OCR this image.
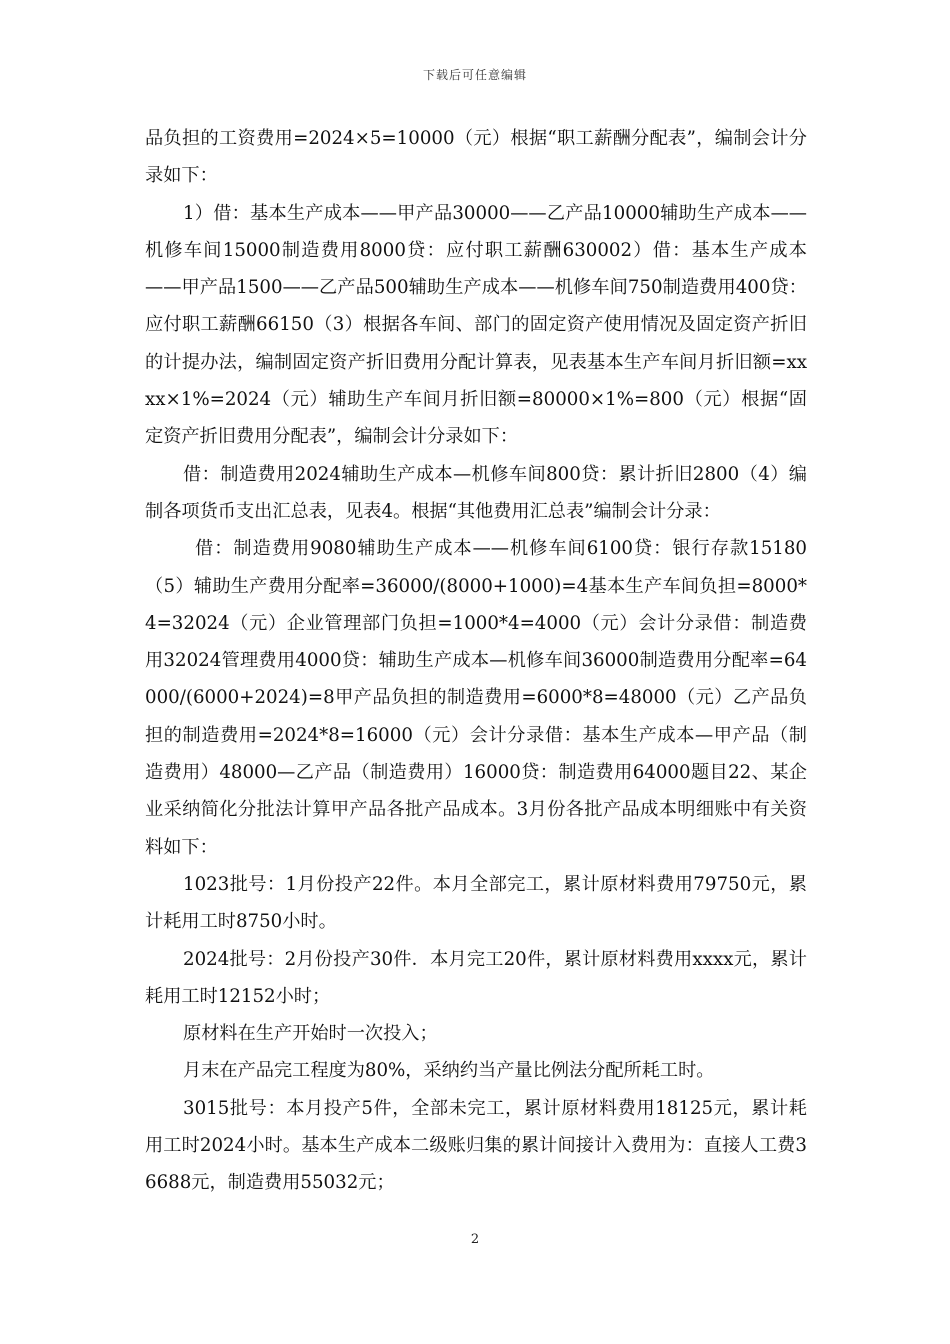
下载后可任意编辑

品负担的工资费用=2024×5=10000（元）根据“职工薪酬分配表”，编制会计分录如下：

1）借：基本生产成本——甲产品30000——乙产品10000辅助生产成本——机修车间15000制造费用8000贷：应付职工薪酬630002）借：基本生产成本——甲产品1500——乙产品500辅助生产成本——机修车间750制造费用400贷：应付职工薪酬66150（3）根据各车间、部门的固定资产使用情况及固定资产折旧的计提办法，编制固定资产折旧费用分配计算表，见表基本生产车间月折旧额=xxxx×1%=2024（元）辅助生产车间月折旧额=80000×1%=800（元）根据“固定资产折旧费用分配表”，编制会计分录如下：

借：制造费用2024辅助生产成本—机修车间800贷：累计折旧2800（4）编制各项货币支出汇总表，见表4。根据“其他费用汇总表”编制会计分录：

借：制造费用9080辅助生产成本——机修车间6100贷：银行存款15180（5）辅助生产费用分配率=36000/(8000+1000)=4基本生产车间负担=8000*4=32024（元）企业管理部门负担=1000*4=4000（元）会计分录借：制造费用32024管理费用4000贷：辅助生产成本—机修车间36000制造费用分配率=64000/(6000+2024)=8甲产品负担的制造费用=6000*8=48000（元）乙产品负担的制造费用=2024*8=16000（元）会计分录借：基本生产成本—甲产品（制造费用）48000—乙产品（制造费用）16000贷：制造费用64000题目22、某企业采纳简化分批法计算甲产品各批产品成本。3月份各批产品成本明细账中有关资料如下：

1023批号：1月份投产22件。本月全部完工，累计原材料费用79750元，累计耗用工时8750小时。

2024批号：2月份投产30件．本月完工20件，累计原材料费用xxxx元，累计耗用工时12152小时；

原材料在生产开始时一次投入；

月末在产品完工程度为80%，采纳约当产量比例法分配所耗工时。

3015批号：本月投产5件，全部未完工，累计原材料费用18125元，累计耗用工时2024小时。基本生产成本二级账归集的累计间接计入费用为：直接人工费36688元，制造费用55032元；

2
